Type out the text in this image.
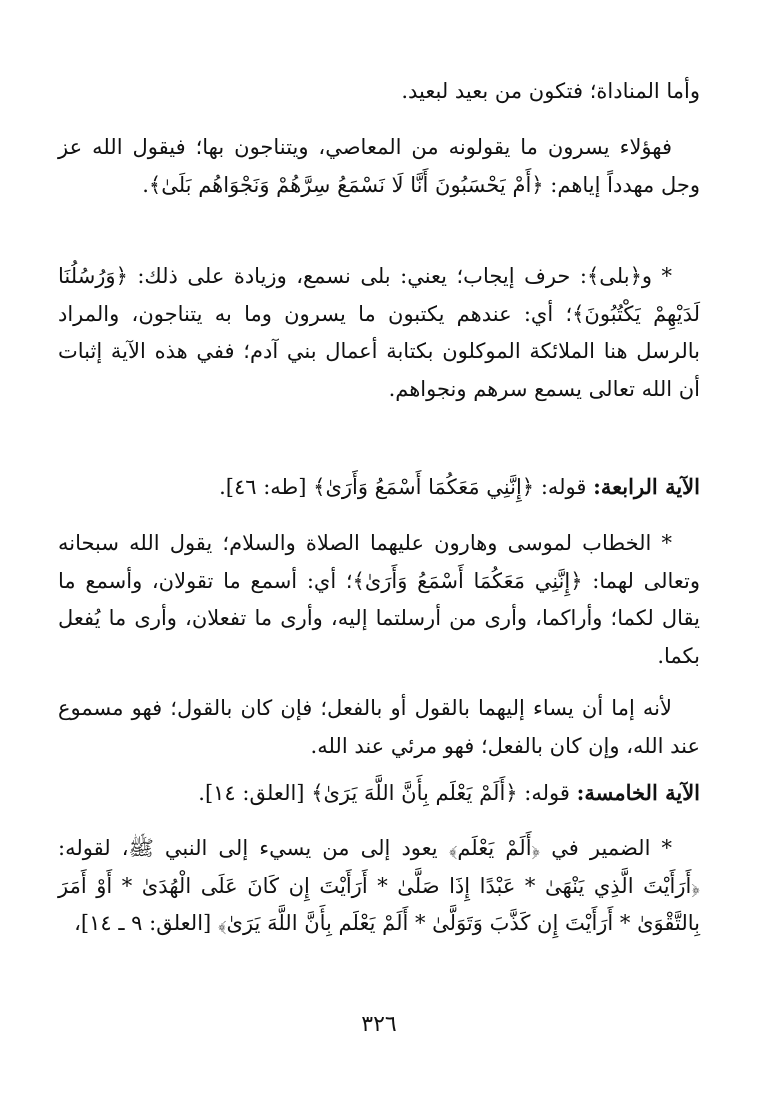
وأما المناداة؛ فتكون من بعيد لبعيد.

فهؤلاء يسرون ما يقولونه من المعاصي، ويتناجون بها؛ فيقول الله عز وجل مهدداً إياهم: ﴿أَمْ يَحْسَبُونَ أَنَّا لَا نَسْمَعُ سِرَّهُمْ وَنَجْوَاهُم بَلَىٰ﴾.

* و﴿بلى﴾: حرف إيجاب؛ يعني: بلى نسمع، وزيادة على ذلك: ﴿وَرُسُلُنَا لَدَيْهِمْ يَكْتُبُونَ﴾؛ أي: عندهم يكتبون ما يسرون وما به يتناجون، والمراد بالرسل هنا الملائكة الموكلون بكتابة أعمال بني آدم؛ ففي هذه الآية إثبات أن الله تعالى يسمع سرهم ونجواهم.

الآية الرابعة: قوله: ﴿إِنَّنِي مَعَكُمَا أَسْمَعُ وَأَرَىٰ﴾ [طه: ٤٦].

* الخطاب لموسى وهارون عليهما الصلاة والسلام؛ يقول الله سبحانه وتعالى لهما: ﴿إِنَّنِي مَعَكُمَا أَسْمَعُ وَأَرَىٰ﴾؛ أي: أسمع ما تقولان، وأسمع ما يقال لكما؛ وأراكما، وأرى من أرسلتما إليه، وأرى ما تفعلان، وأرى ما يُفعل بكما.

لأنه إما أن يساء إليهما بالقول أو بالفعل؛ فإن كان بالقول؛ فهو مسموع عند الله، وإن كان بالفعل؛ فهو مرئي عند الله.

الآية الخامسة: قوله: ﴿أَلَمْ يَعْلَم بِأَنَّ اللَّهَ يَرَىٰ﴾ [العلق: ١٤].

* الضمير في ﴿أَلَمْ يَعْلَم﴾ يعود إلى من يسيء إلى النبي ﷺ، لقوله: ﴿أَرَأَيْتَ الَّذِي يَنْهَىٰ * عَبْدًا إِذَا صَلَّىٰ * أَرَأَيْتَ إِن كَانَ عَلَى الْهُدَىٰ * أَوْ أَمَرَ بِالتَّقْوَىٰ * أَرَأَيْتَ إِن كَذَّبَ وَتَوَلَّىٰ * أَلَمْ يَعْلَم بِأَنَّ اللَّهَ يَرَىٰ﴾ [العلق: ٩ ـ ١٤]،

٣٢٦
